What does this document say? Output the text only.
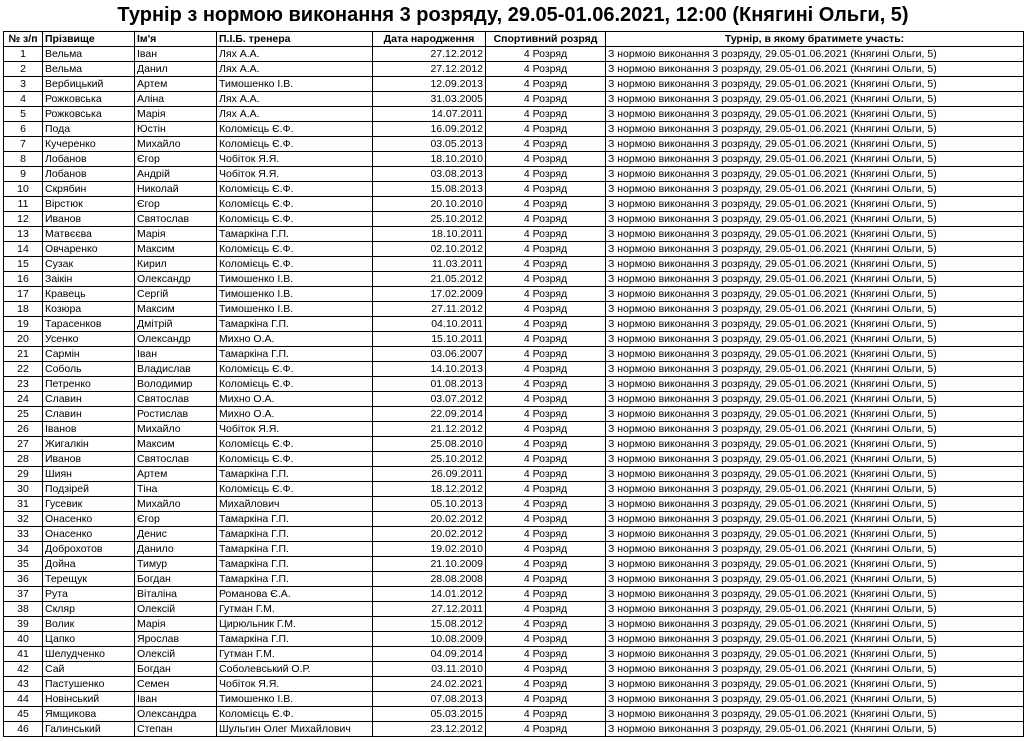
Турнір з нормою виконання 3 розряду, 29.05-01.06.2021, 12:00 (Княгині Ольги, 5)
№ з/п	Прізвище	Ім'я	П.І.Б. тренера	Дата народження	Спортивний розряд	Турнір, в якому братимете участь:
1	Вельма	Іван	Лях А.А.	27.12.2012	4 Розряд	З нормою виконання 3 розряду, 29.05-01.06.2021 (Княгині Ольги, 5)
2	Вельма	Данил	Лях А.А.	27.12.2012	4 Розряд	З нормою виконання 3 розряду, 29.05-01.06.2021 (Княгині Ольги, 5)
3	Вербицький	Артем	Тимошенко І.В.	12.09.2013	4 Розряд	З нормою виконання 3 розряду, 29.05-01.06.2021 (Княгині Ольги, 5)
4	Рожковська	Аліна	Лях А.А.	31.03.2005	4 Розряд	З нормою виконання 3 розряду, 29.05-01.06.2021 (Княгині Ольги, 5)
5	Рожковська	Марія	Лях А.А.	14.07.2011	4 Розряд	З нормою виконання 3 розряду, 29.05-01.06.2021 (Княгині Ольги, 5)
6	Пода	Юстін	Коломієць Є.Ф.	16.09.2012	4 Розряд	З нормою виконання 3 розряду, 29.05-01.06.2021 (Княгині Ольги, 5)
7	Кучеренко	Михайло	Коломієць Є.Ф.	03.05.2013	4 Розряд	З нормою виконання 3 розряду, 29.05-01.06.2021 (Княгині Ольги, 5)
8	Лобанов	Єгор	Чобіток Я.Я.	18.10.2010	4 Розряд	З нормою виконання 3 розряду, 29.05-01.06.2021 (Княгині Ольги, 5)
9	Лобанов	Андрій	Чобіток Я.Я.	03.08.2013	4 Розряд	З нормою виконання 3 розряду, 29.05-01.06.2021 (Княгині Ольги, 5)
10	Скрябин	Николай	Коломієць Є.Ф.	15.08.2013	4 Розряд	З нормою виконання 3 розряду, 29.05-01.06.2021 (Княгині Ольги, 5)
11	Вірстюк	Єгор	Коломієць Є.Ф.	20.10.2010	4 Розряд	З нормою виконання 3 розряду, 29.05-01.06.2021 (Княгині Ольги, 5)
12	Иванов	Святослав	Коломієць Є.Ф.	25.10.2012	4 Розряд	З нормою виконання 3 розряду, 29.05-01.06.2021 (Княгині Ольги, 5)
13	Матвєєва	Марія	Тамаркіна Г.П.	18.10.2011	4 Розряд	З нормою виконання 3 розряду, 29.05-01.06.2021 (Княгині Ольги, 5)
14	Овчаренко	Максим	Коломієць Є.Ф.	02.10.2012	4 Розряд	З нормою виконання 3 розряду, 29.05-01.06.2021 (Княгині Ольги, 5)
15	Сузак	Кирил	Коломієць Є.Ф.	11.03.2011	4 Розряд	З нормою виконання 3 розряду, 29.05-01.06.2021 (Княгині Ольги, 5)
16	Заікін	Олександр	Тимошенко І.В.	21.05.2012	4 Розряд	З нормою виконання 3 розряду, 29.05-01.06.2021 (Княгині Ольги, 5)
17	Кравець	Сергій	Тимошенко І.В.	17.02.2009	4 Розряд	З нормою виконання 3 розряду, 29.05-01.06.2021 (Княгині Ольги, 5)
18	Козюра	Максим	Тимошенко І.В.	27.11.2012	4 Розряд	З нормою виконання 3 розряду, 29.05-01.06.2021 (Княгині Ольги, 5)
19	Тарасенков	Дмітрій	Тамаркіна Г.П.	04.10.2011	4 Розряд	З нормою виконання 3 розряду, 29.05-01.06.2021 (Княгині Ольги, 5)
20	Усенко	Олександр	Михно О.А.	15.10.2011	4 Розряд	З нормою виконання 3 розряду, 29.05-01.06.2021 (Княгині Ольги, 5)
21	Сармін	Іван	Тамаркіна Г.П.	03.06.2007	4 Розряд	З нормою виконання 3 розряду, 29.05-01.06.2021 (Княгині Ольги, 5)
22	Соболь	Владислав	Коломієць Є.Ф.	14.10.2013	4 Розряд	З нормою виконання 3 розряду, 29.05-01.06.2021 (Княгині Ольги, 5)
23	Петренко	Володимир	Коломієць Є.Ф.	01.08.2013	4 Розряд	З нормою виконання 3 розряду, 29.05-01.06.2021 (Княгині Ольги, 5)
24	Славин	Святослав	Михно О.А.	03.07.2012	4 Розряд	З нормою виконання 3 розряду, 29.05-01.06.2021 (Княгині Ольги, 5)
25	Славин	Ростислав	Михно О.А.	22.09.2014	4 Розряд	З нормою виконання 3 розряду, 29.05-01.06.2021 (Княгині Ольги, 5)
26	Іванов	Михайло	Чобіток Я.Я.	21.12.2012	4 Розряд	З нормою виконання 3 розряду, 29.05-01.06.2021 (Княгині Ольги, 5)
27	Жигалкін	Максим	Коломієць Є.Ф.	25.08.2010	4 Розряд	З нормою виконання 3 розряду, 29.05-01.06.2021 (Княгині Ольги, 5)
28	Иванов	Святослав	Коломієць Є.Ф.	25.10.2012	4 Розряд	З нормою виконання 3 розряду, 29.05-01.06.2021 (Княгині Ольги, 5)
29	Шиян	Артем	Тамаркіна Г.П.	26.09.2011	4 Розряд	З нормою виконання 3 розряду, 29.05-01.06.2021 (Княгині Ольги, 5)
30	Подзірей	Тіна	Коломієць Є.Ф.	18.12.2012	4 Розряд	З нормою виконання 3 розряду, 29.05-01.06.2021 (Княгині Ольги, 5)
31	Гусевик	Михайло	Михайлович	05.10.2013	4 Розряд	З нормою виконання 3 розряду, 29.05-01.06.2021 (Княгині Ольги, 5)
32	Онасенко	Єгор	Тамаркіна Г.П.	20.02.2012	4 Розряд	З нормою виконання 3 розряду, 29.05-01.06.2021 (Княгині Ольги, 5)
33	Онасенко	Денис	Тамаркіна Г.П.	20.02.2012	4 Розряд	З нормою виконання 3 розряду, 29.05-01.06.2021 (Княгині Ольги, 5)
34	Доброхотов	Данило	Тамаркіна Г.П.	19.02.2010	4 Розряд	З нормою виконання 3 розряду, 29.05-01.06.2021 (Княгині Ольги, 5)
35	Дойна	Тимур	Тамаркіна Г.П.	21.10.2009	4 Розряд	З нормою виконання 3 розряду, 29.05-01.06.2021 (Княгині Ольги, 5)
36	Терещук	Богдан	Тамаркіна Г.П.	28.08.2008	4 Розряд	З нормою виконання 3 розряду, 29.05-01.06.2021 (Княгині Ольги, 5)
37	Рута	Віталіна	Романова Є.А.	14.01.2012	4 Розряд	З нормою виконання 3 розряду, 29.05-01.06.2021 (Княгині Ольги, 5)
38	Скляр	Олексій	Гутман Г.М.	27.12.2011	4 Розряд	З нормою виконання 3 розряду, 29.05-01.06.2021 (Княгині Ольги, 5)
39	Волик	Марія	Цирюльник Г.М.	15.08.2012	4 Розряд	З нормою виконання 3 розряду, 29.05-01.06.2021 (Княгині Ольги, 5)
40	Цапко	Ярослав	Тамаркіна Г.П.	10.08.2009	4 Розряд	З нормою виконання 3 розряду, 29.05-01.06.2021 (Княгині Ольги, 5)
41	Шелудченко	Олексій	Гутман Г.М.	04.09.2014	4 Розряд	З нормою виконання 3 розряду, 29.05-01.06.2021 (Княгині Ольги, 5)
42	Сай	Богдан	Соболевський О.Р.	03.11.2010	4 Розряд	З нормою виконання 3 розряду, 29.05-01.06.2021 (Княгині Ольги, 5)
43	Пастушенко	Семен	Чобіток Я.Я.	24.02.2021	4 Розряд	З нормою виконання 3 розряду, 29.05-01.06.2021 (Княгині Ольги, 5)
44	Новінський	Іван	Тимошенко І.В.	07.08.2013	4 Розряд	З нормою виконання 3 розряду, 29.05-01.06.2021 (Княгині Ольги, 5)
45	Ямщикова	Олександра	Коломієць Є.Ф.	05.03.2015	4 Розряд	З нормою виконання 3 розряду, 29.05-01.06.2021 (Княгині Ольги, 5)
46	Галинський	Степан	Шульгин Олег Михайлович	23.12.2012	4 Розряд	З нормою виконання 3 розряду, 29.05-01.06.2021 (Княгині Ольги, 5)
